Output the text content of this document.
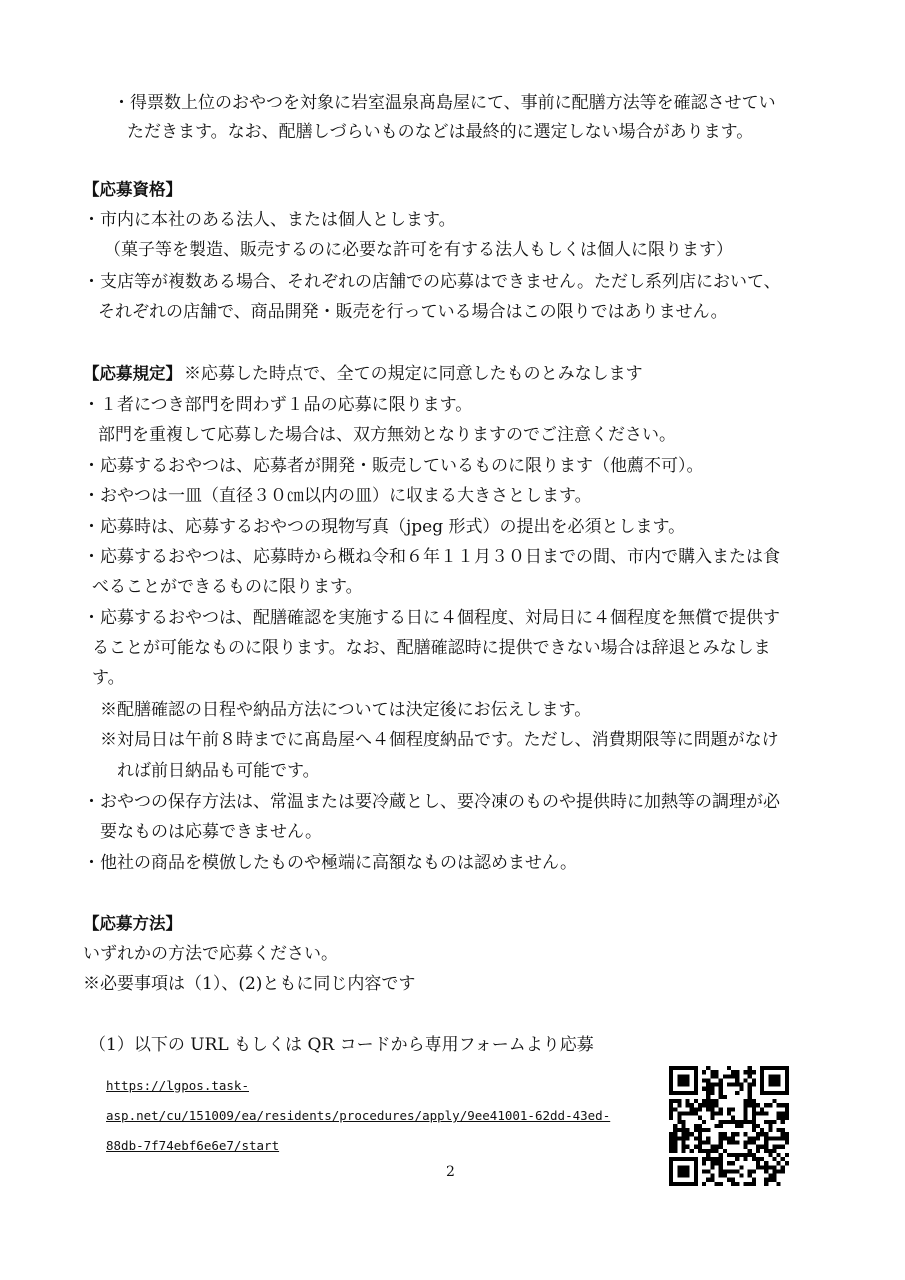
・得票数上位のおやつを対象に岩室温泉髙島屋にて、事前に配膳方法等を確認させてい
ただきます。なお、配膳しづらいものなどは最終的に選定しない場合があります。
【応募資格】
・市内に本社のある法人、または個人とします。
（菓子等を製造、販売するのに必要な許可を有する法人もしくは個人に限ります）
・支店等が複数ある場合、それぞれの店舗での応募はできません。ただし系列店において、
それぞれの店舗で、商品開発・販売を行っている場合はこの限りではありません。
【応募規定】 ※応募した時点で、全ての規定に同意したものとみなします
・１者につき部門を問わず１品の応募に限ります。
部門を重複して応募した場合は、双方無効となりますのでご注意ください。
・応募するおやつは、応募者が開発・販売しているものに限ります（他薦不可）。
・おやつは一皿（直径３０㎝以内の皿）に収まる大きさとします。
・応募時は、応募するおやつの現物写真（jpeg 形式）の提出を必須とします。
・応募するおやつは、応募時から概ね令和６年１１月３０日までの間、市内で購入または食
べることができるものに限ります。
・応募するおやつは、配膳確認を実施する日に４個程度、対局日に４個程度を無償で提供す
ることが可能なものに限ります。なお、配膳確認時に提供できない場合は辞退とみなしま
す。
※配膳確認の日程や納品方法については決定後にお伝えします。
※対局日は午前８時までに髙島屋へ４個程度納品です。ただし、消費期限等に問題がなけ
れば前日納品も可能です。
・おやつの保存方法は、常温または要冷蔵とし、要冷凍のものや提供時に加熱等の調理が必
要なものは応募できません。
・他社の商品を模倣したものや極端に高額なものは認めません。
【応募方法】
いずれかの方法で応募ください。
※必要事項は（1）、(2)ともに同じ内容です
（1）以下の URL もしくは QR コードから専用フォームより応募
https://lgpos.task-
asp.net/cu/151009/ea/residents/procedures/apply/9ee41001-62dd-43ed-
88db-7f74ebf6e6e7/start
2
